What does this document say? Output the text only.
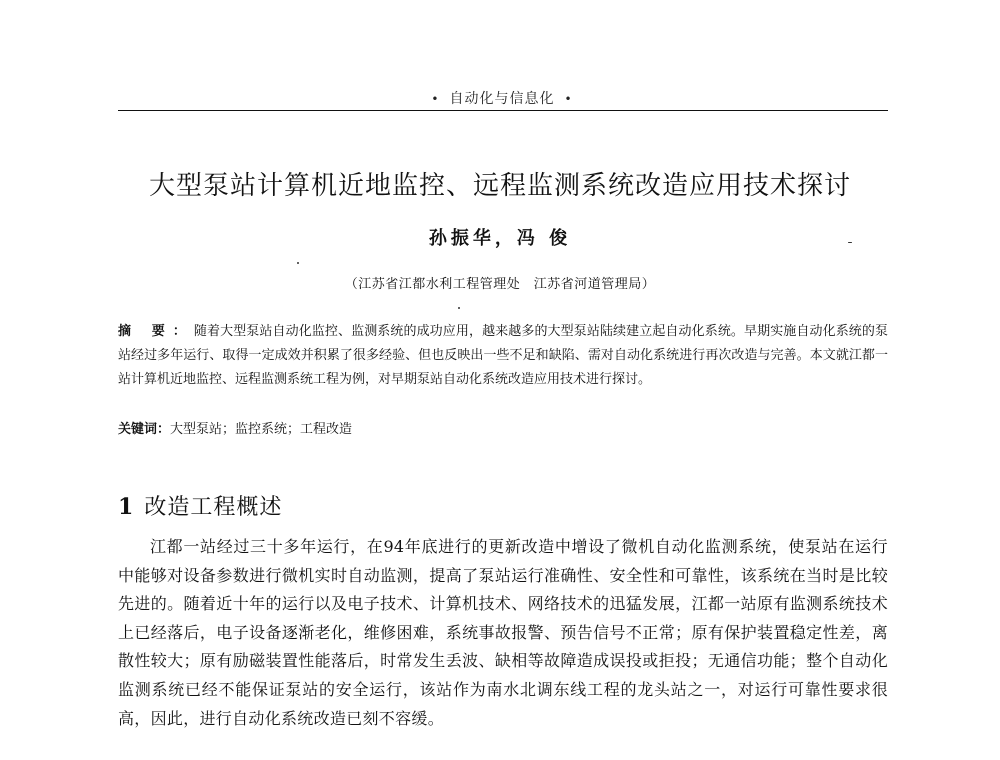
• 自动化与信息化 •
大型泵站计算机近地监控、远程监测系统改造应用技术探讨
孙振华，冯 俊
（江苏省江都水利工程管理处　江苏省河道管理局）
摘 要：随着大型泵站自动化监控、监测系统的成功应用，越来越多的大型泵站陆续建立起自动化系统。早期实施自动化系统的泵站经过多年运行、取得一定成效并积累了很多经验、但也反映出一些不足和缺陷、需对自动化系统进行再次改造与完善。本文就江都一站计算机近地监控、远程监测系统工程为例，对早期泵站自动化系统改造应用技术进行探讨。
关键词：大型泵站；监控系统；工程改造
1 改造工程概述
江都一站经过三十多年运行，在94年底进行的更新改造中增设了微机自动化监测系统，使泵站在运行中能够对设备参数进行微机实时自动监测，提高了泵站运行准确性、安全性和可靠性，该系统在当时是比较先进的。随着近十年的运行以及电子技术、计算机技术、网络技术的迅猛发展，江都一站原有监测系统技术上已经落后，电子设备逐渐老化，维修困难，系统事故报警、预告信号不正常；原有保护装置稳定性差，离散性较大；原有励磁装置性能落后，时常发生丢波、缺相等故障造成误投或拒投；无通信功能；整个自动化监测系统已经不能保证泵站的安全运行，该站作为南水北调东线工程的龙头站之一，对运行可靠性要求很高，因此，进行自动化系统改造已刻不容缓。
